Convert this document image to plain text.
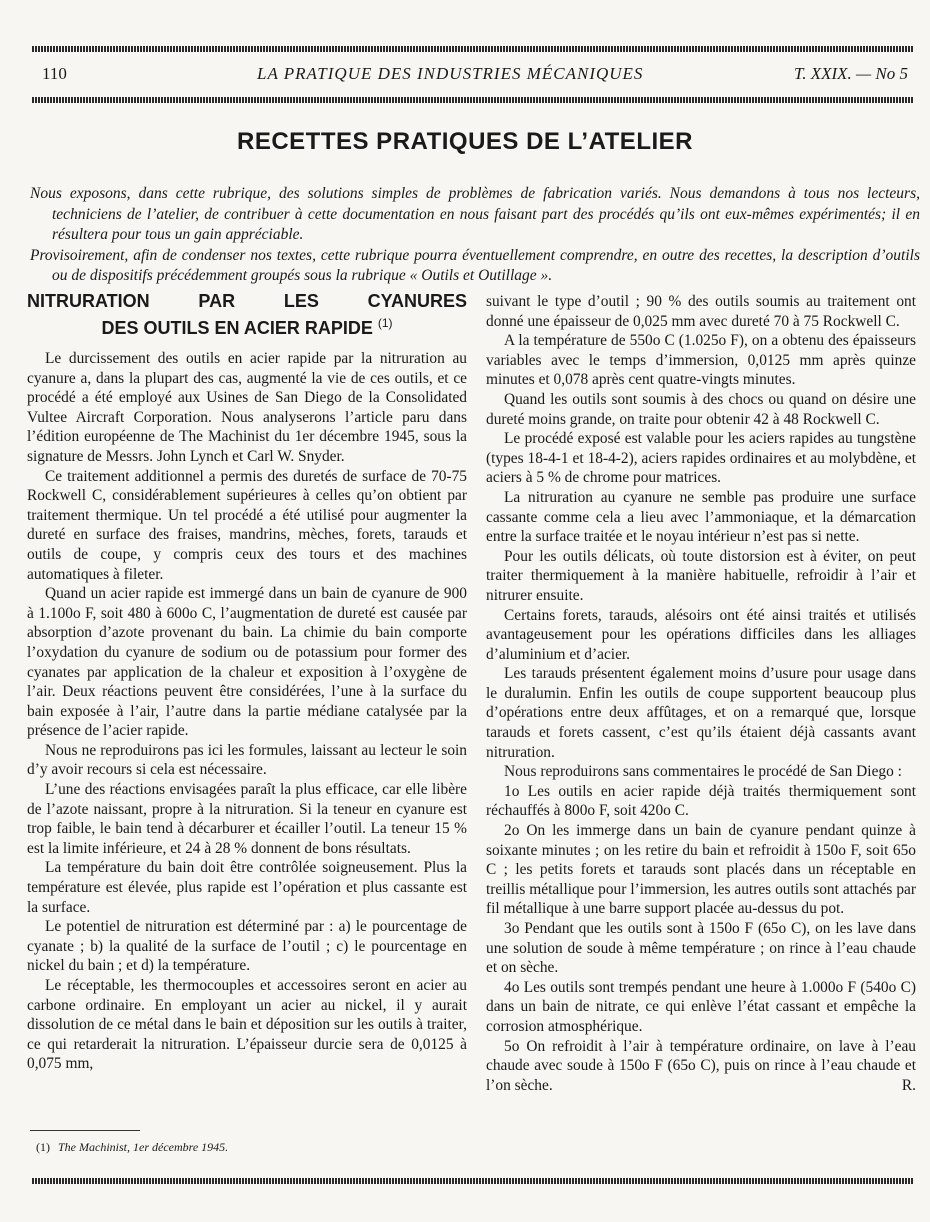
110	LA PRATIQUE DES INDUSTRIES MÉCANIQUES	T. XXIX. — No 5
RECETTES PRATIQUES DE L’ATELIER

Nous exposons, dans cette rubrique, des solutions simples de problèmes de fabrication variés. Nous demandons à tous nos lecteurs, techniciens de l’atelier, de contribuer à cette documentation en nous faisant part des procédés qu’ils ont eux-mêmes expérimentés; il en résultera pour tous un gain appréciable.

Provisoirement, afin de condenser nos textes, cette rubrique pourra éventuellement comprendre, en outre des recettes, la description d’outils ou de dispositifs précédemment groupés sous la rubrique « Outils et Outillage ».

NITRURATION	PAR	LES	CYANURES
DES OUTILS EN ACIER RAPIDE $^{(1)}$

Le durcissement des outils en acier rapide par la nitruration au cyanure a, dans la plupart des cas, augmenté la vie de ces outils, et ce procédé a été employé aux Usines de San Diego de la Consolidated Vultee Aircraft Corporation. Nous analyserons l’article paru dans l’édition européenne de The Machinist du 1er décembre 1945, sous la signature de Messrs. John Lynch et Carl W. Snyder.

Ce traitement additionnel a permis des duretés de surface de 70-75 Rockwell C, considérablement supérieures à celles qu’on obtient par traitement thermique. Un tel procédé a été utilisé pour augmenter la dureté en surface des fraises, mandrins, mèches, forets, tarauds et outils de coupe, y compris ceux des tours et des machines automatiques à fileter.

Quand un acier rapide est immergé dans un bain de cyanure de 900 à 1.100o F, soit 480 à 600o C, l’augmentation de dureté est causée par absorption d’azote provenant du bain. La chimie du bain comporte l’oxydation du cyanure de sodium ou de potassium pour former des cyanates par application de la chaleur et exposition à l’oxygène de l’air. Deux réactions peuvent être considérées, l’une à la surface du bain exposée à l’air, l’autre dans la partie médiane catalysée par la présence de l’acier rapide.

Nous ne reproduirons pas ici les formules, laissant au lecteur le soin d’y avoir recours si cela est nécessaire.

L’une des réactions envisagées paraît la plus efficace, car elle libère de l’azote naissant, propre à la nitruration. Si la teneur en cyanure est trop faible, le bain tend à décarburer et écailler l’outil. La teneur 15 % est la limite inférieure, et 24 à 28 % donnent de bons résultats.

La température du bain doit être contrôlée soigneusement. Plus la température est élevée, plus rapide est l’opération et plus cassante est la surface.

Le potentiel de nitruration est déterminé par : a) le pourcentage de cyanate ; b) la qualité de la surface de l’outil ; c) le pourcentage en nickel du bain ; et d) la température.

Le réceptable, les thermocouples et accessoires seront en acier au carbone ordinaire. En employant un acier au nickel, il y aurait dissolution de ce métal dans le bain et déposition sur les outils à traiter, ce qui retarderait la nitruration. L’épaisseur durcie sera de 0,0125 à 0,075 mm,

suivant le type d’outil ; 90 % des outils soumis au traitement ont donné une épaisseur de 0,025 mm avec dureté 70 à 75 Rockwell C.

A la température de 550o C (1.025o F), on a obtenu des épaisseurs variables avec le temps d’immersion, 0,0125 mm après quinze minutes et 0,078 après cent quatre-vingts minutes.

Quand les outils sont soumis à des chocs ou quand on désire une dureté moins grande, on traite pour obtenir 42 à 48 Rockwell C.

Le procédé exposé est valable pour les aciers rapides au tungstène (types 18-4-1 et 18-4-2), aciers rapides ordinaires et au molybdène, et aciers à 5 % de chrome pour matrices.

La nitruration au cyanure ne semble pas produire une surface cassante comme cela a lieu avec l’ammoniaque, et la démarcation entre la surface traitée et le noyau intérieur n’est pas si nette.

Pour les outils délicats, où toute distorsion est à éviter, on peut traiter thermiquement à la manière habituelle, refroidir à l’air et nitrurer ensuite.

Certains forets, tarauds, alésoirs ont été ainsi traités et utilisés avantageusement pour les opérations difficiles dans les alliages d’aluminium et d’acier.

Les tarauds présentent également moins d’usure pour usage dans le duralumin. Enfin les outils de coupe supportent beaucoup plus d’opérations entre deux affûtages, et on a remarqué que, lorsque tarauds et forets cassent, c’est qu’ils étaient déjà cassants avant nitruration.

Nous reproduirons sans commentaires le procédé de San Diego :

1o Les outils en acier rapide déjà traités thermiquement sont réchauffés à 800o F, soit 420o C.

2o On les immerge dans un bain de cyanure pendant quinze à soixante minutes ; on les retire du bain et refroidit à 150o F, soit 65o C ; les petits forets et tarauds sont placés dans un réceptable en treillis métallique pour l’immersion, les autres outils sont attachés par fil métallique à une barre support placée au-dessus du pot.

3o Pendant que les outils sont à 150o F (65o C), on les lave dans une solution de soude à même température ; on rince à l’eau chaude et on sèche.

4o Les outils sont trempés pendant une heure à 1.000o F (540o C) dans un bain de nitrate, ce qui enlève l’état cassant et empêche la corrosion atmosphérique.

5o On refroidit à l’air à température ordinaire, on lave à l’eau chaude avec soude à 150o F (65o C), puis on rince à l’eau chaude et l’on sèche.	R.

(1) The Machinist, 1er décembre 1945.
